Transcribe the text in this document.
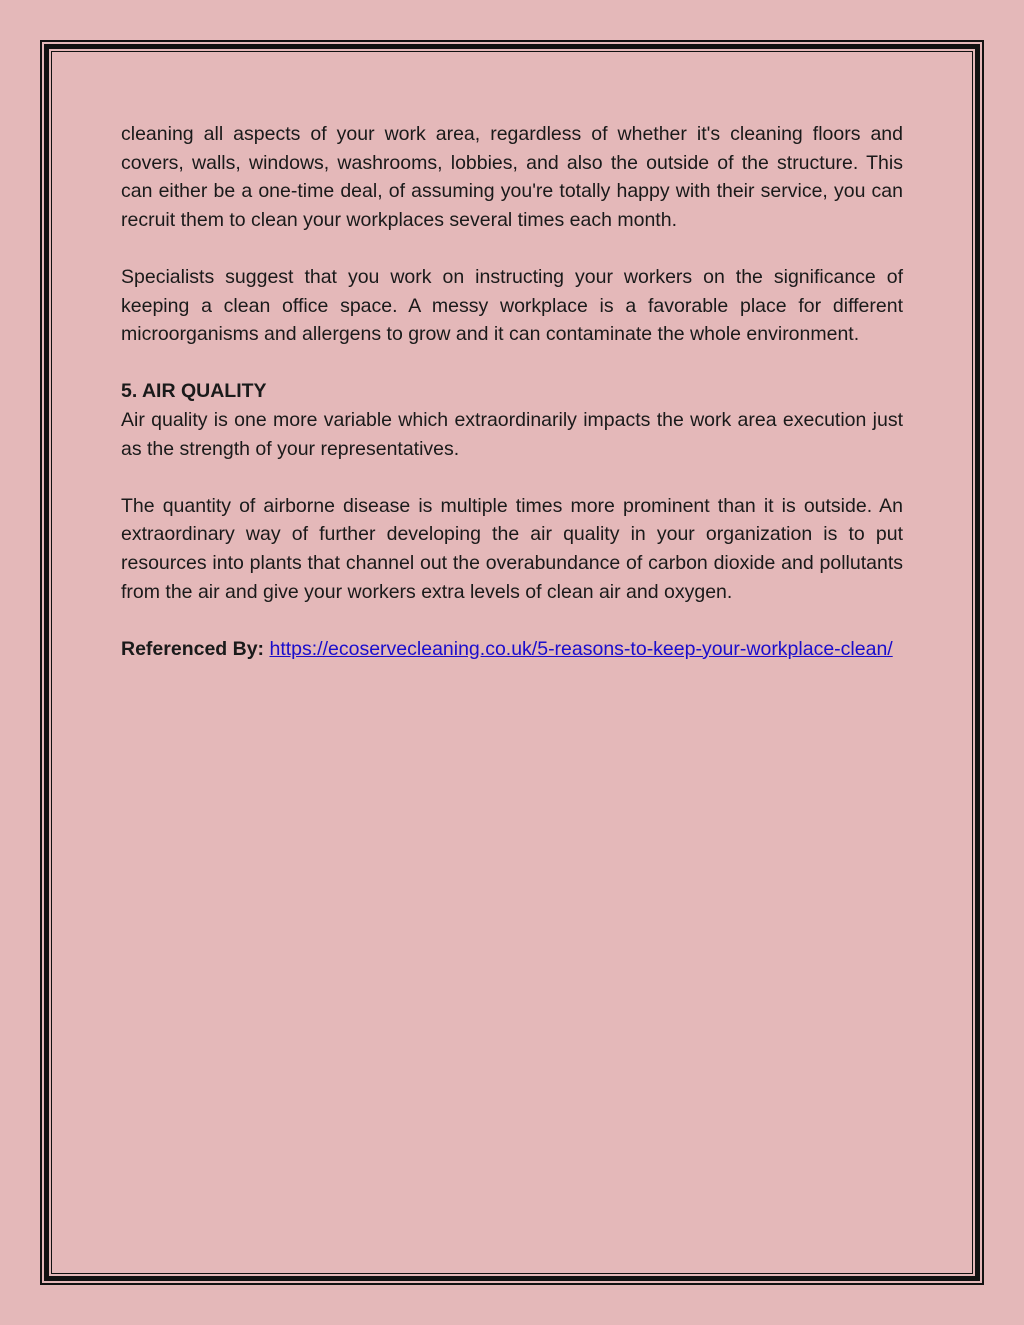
cleaning all aspects of your work area, regardless of whether it's cleaning floors and covers, walls, windows, washrooms, lobbies, and also the outside of the structure. This can either be a one-time deal, of assuming you're totally happy with their service, you can recruit them to clean your workplaces several times each month.

Specialists suggest that you work on instructing your workers on the significance of keeping a clean office space. A messy workplace is a favorable place for different microorganisms and allergens to grow and it can contaminate the whole environment.

5. AIR QUALITY

Air quality is one more variable which extraordinarily impacts the work area execution just as the strength of your representatives.

The quantity of airborne disease is multiple times more prominent than it is outside. An extraordinary way of further developing the air quality in your organization is to put resources into plants that channel out the overabundance of carbon dioxide and pollutants from the air and give your workers extra levels of clean air and oxygen.

Referenced By: https://ecoservecleaning.co.uk/5-reasons-to-keep-your-workplace-clean/
